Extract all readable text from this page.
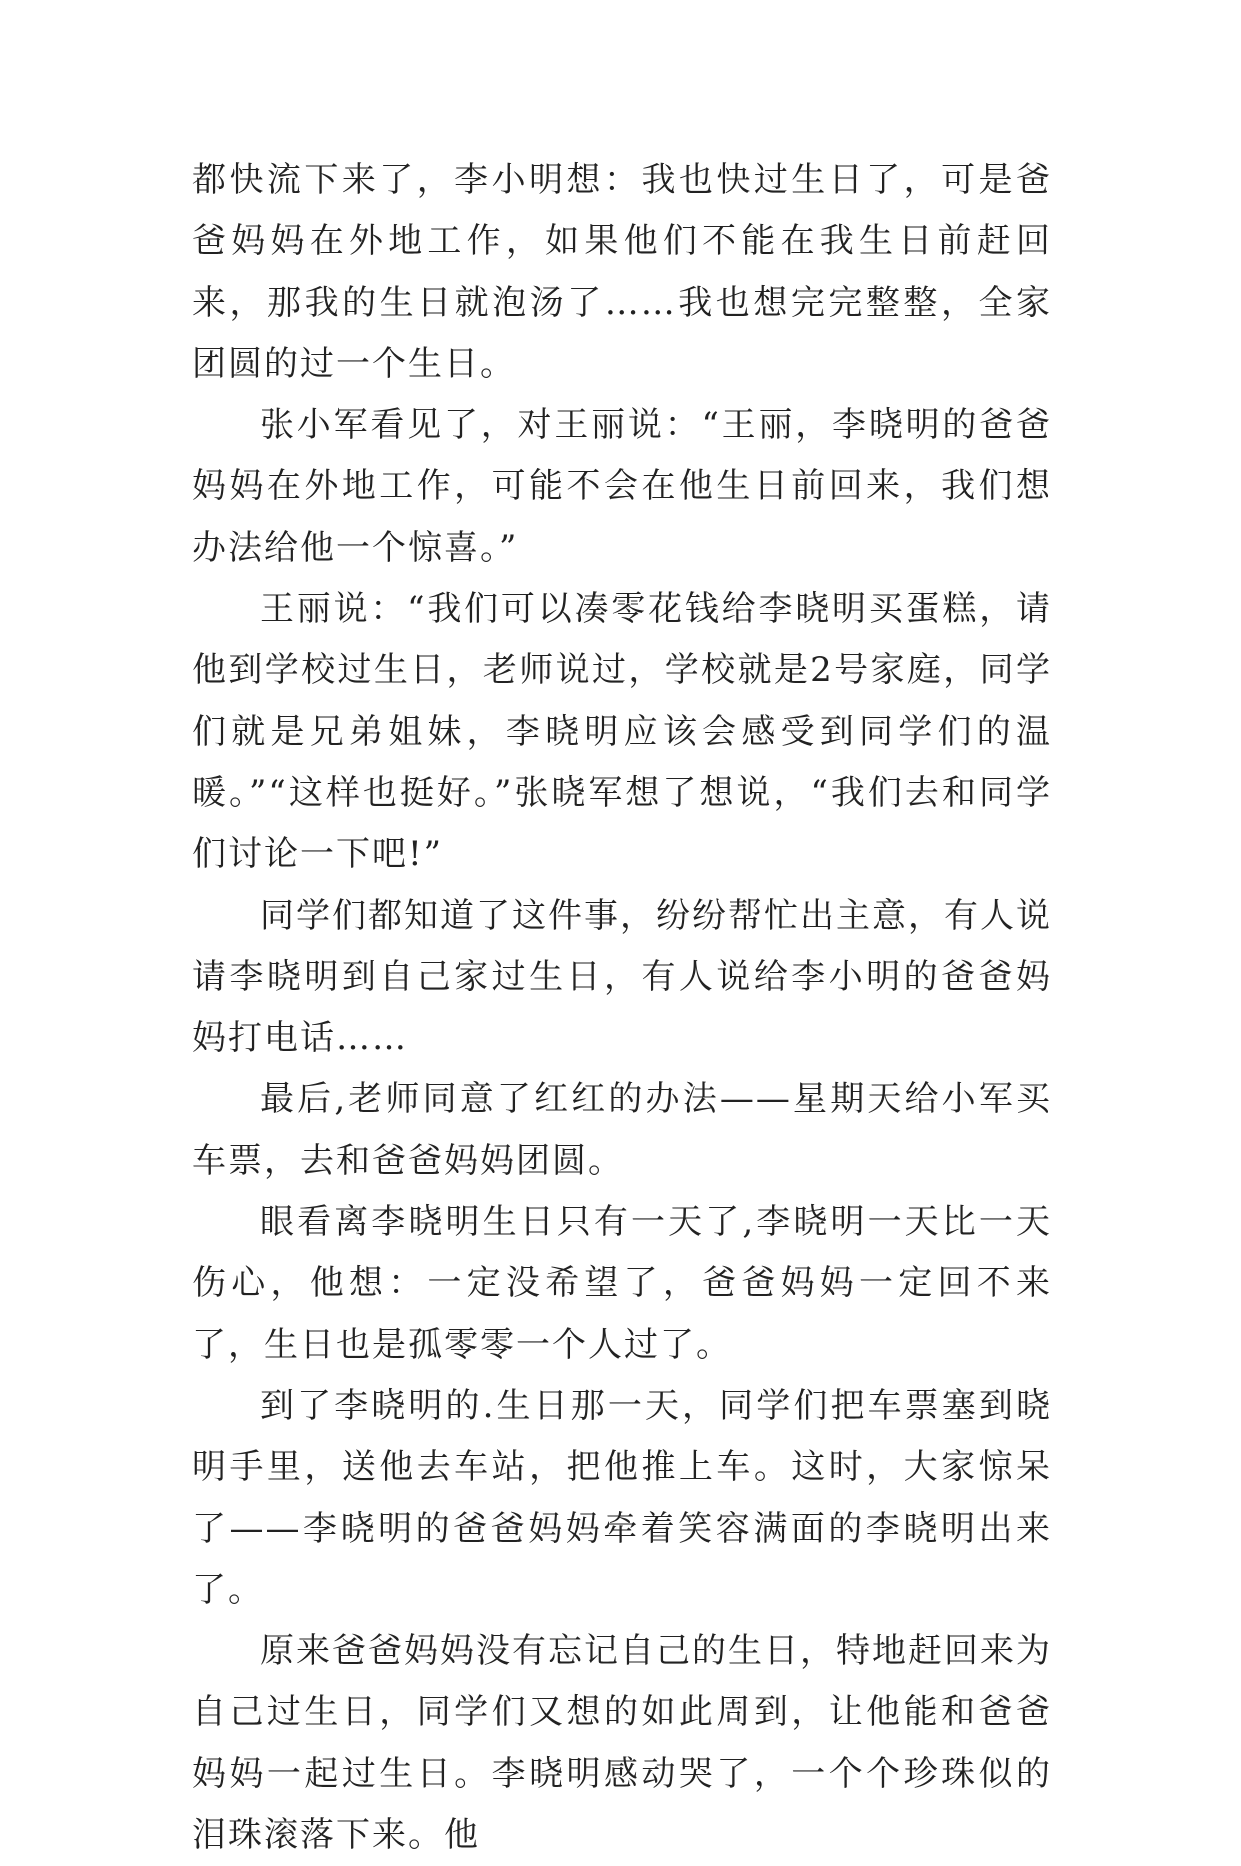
都快流下来了，李小明想：我也快过生日了，可是爸爸妈妈在外地工作，如果他们不能在我生日前赶回来，那我的生日就泡汤了……我也想完完整整，全家团圆的过一个生日。

张小军看见了，对王丽说：“王丽，李晓明的爸爸妈妈在外地工作，可能不会在他生日前回来，我们想办法给他一个惊喜。”

王丽说：“我们可以凑零花钱给李晓明买蛋糕，请他到学校过生日，老师说过，学校就是2号家庭，同学们就是兄弟姐妹，李晓明应该会感受到同学们的温暖。”“这样也挺好。”张晓军想了想说，“我们去和同学们讨论一下吧!”

同学们都知道了这件事，纷纷帮忙出主意，有人说请李晓明到自己家过生日，有人说给李小明的爸爸妈妈打电话……

最后,老师同意了红红的办法——星期天给小军买车票，去和爸爸妈妈团圆。

眼看离李晓明生日只有一天了,李晓明一天比一天伤心，他想：一定没希望了，爸爸妈妈一定回不来了，生日也是孤零零一个人过了。

到了李晓明的.生日那一天，同学们把车票塞到晓明手里，送他去车站，把他推上车。这时，大家惊呆了——李晓明的爸爸妈妈牵着笑容满面的李晓明出来了。

原来爸爸妈妈没有忘记自己的生日，特地赶回来为自己过生日，同学们又想的如此周到，让他能和爸爸妈妈一起过生日。李晓明感动哭了，一个个珍珠似的泪珠滚落下来。他
